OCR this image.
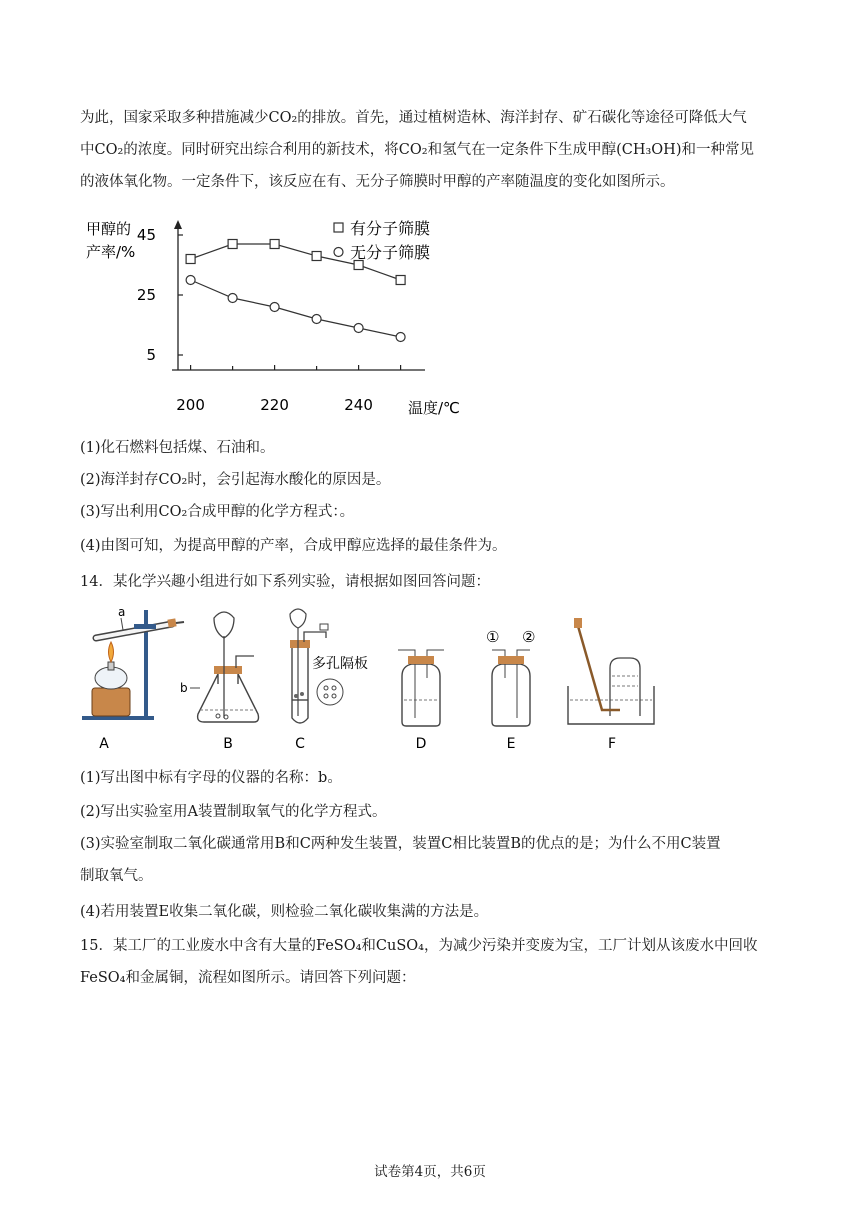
为此，国家采取多种措施减少CO₂的排放。首先，通过植树造林、海洋封存、矿石碳化等途径可降低大气
中CO₂的浓度。同时研究出综合利用的新技术，将CO₂和氢气在一定条件下生成甲醇(CH₃OH)和一种常见
的液体氧化物。一定条件下，该反应在有、无分子筛膜时甲醇的产率随温度的变化如图所示。
甲醇的
产率/%
温度/℃
5
25
45
200	220	240
有分子筛膜
无分子筛膜
(1)化石燃料包括煤、石油和。
(2)海洋封存CO₂时，会引起海水酸化的原因是。
(3)写出利用CO₂合成甲醇的化学方程式：。
(4)由图可知，为提高甲醇的产率，合成甲醇应选择的最佳条件为。
14．某化学兴趣小组进行如下系列实验，请根据如图回答问题：
a
b
多孔隔板
① ②
A	B	C	D	E	F
(1)写出图中标有字母的仪器的名称：b。
(2)写出实验室用A装置制取氧气的化学方程式。
(3)实验室制取二氧化碳通常用B和C两种发生装置，装置C相比装置B的优点的是；为什么不用C装置
制取氧气。
(4)若用装置E收集二氧化碳，则检验二氧化碳收集满的方法是。
15．某工厂的工业废水中含有大量的FeSO₄和CuSO₄，为减少污染并变废为宝，工厂计划从该废水中回收
FeSO₄和金属铜，流程如图所示。请回答下列问题：
试卷第4页，共6页
